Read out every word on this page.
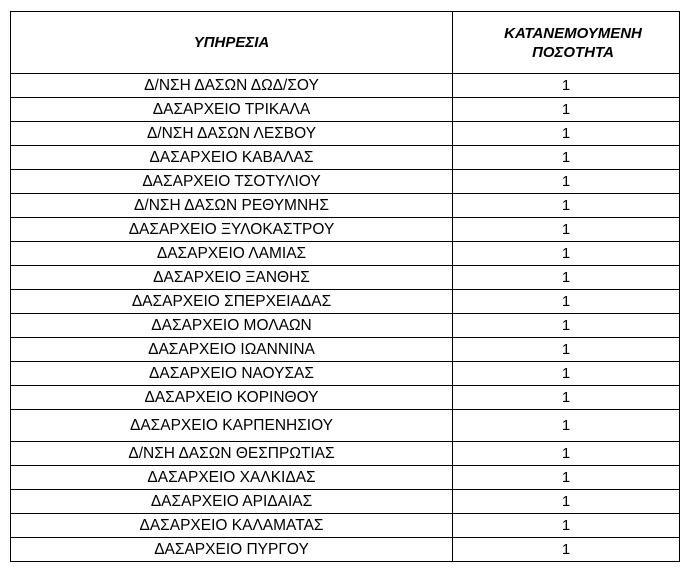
ΥΠΗΡΕΣΙΑ	ΚΑΤΑΝΕΜΟΥΜΕΝΗ
ΠΟΣΟΤΗΤΑ
Δ/ΝΣΗ ΔΑΣΩΝ ΔΩΔ/ΣΟΥ	1
ΔΑΣΑΡΧΕΙΟ ΤΡΙΚΑΛΑ	1
Δ/ΝΣΗ ΔΑΣΩΝ ΛΕΣΒΟΥ	1
ΔΑΣΑΡΧΕΙΟ ΚΑΒΑΛΑΣ	1
ΔΑΣΑΡΧΕΙΟ ΤΣΟΤΥΛΙΟΥ	1
Δ/ΝΣΗ ΔΑΣΩΝ ΡΕΘΥΜΝΗΣ	1
ΔΑΣΑΡΧΕΙΟ ΞΥΛΟΚΑΣΤΡΟΥ	1
ΔΑΣΑΡΧΕΙΟ ΛΑΜΙΑΣ	1
ΔΑΣΑΡΧΕΙΟ ΞΑΝΘΗΣ	1
ΔΑΣΑΡΧΕΙΟ ΣΠΕΡΧΕΙΑΔΑΣ	1
ΔΑΣΑΡΧΕΙΟ ΜΟΛΑΩΝ	1
ΔΑΣΑΡΧΕΙΟ ΙΩΑΝΝΙΝΑ	1
ΔΑΣΑΡΧΕΙΟ ΝΑΟΥΣΑΣ	1
ΔΑΣΑΡΧΕΙΟ ΚΟΡΙΝΘΟΥ	1
ΔΑΣΑΡΧΕΙΟ ΚΑΡΠΕΝΗΣΙΟΥ	1
Δ/ΝΣΗ ΔΑΣΩΝ ΘΕΣΠΡΩΤΙΑΣ	1
ΔΑΣΑΡΧΕΙΟ ΧΑΛΚΙΔΑΣ	1
ΔΑΣΑΡΧΕΙΟ ΑΡΙΔΑΙΑΣ	1
ΔΑΣΑΡΧΕΙΟ ΚΑΛΑΜΑΤΑΣ	1
ΔΑΣΑΡΧΕΙΟ ΠΥΡΓΟΥ	1
